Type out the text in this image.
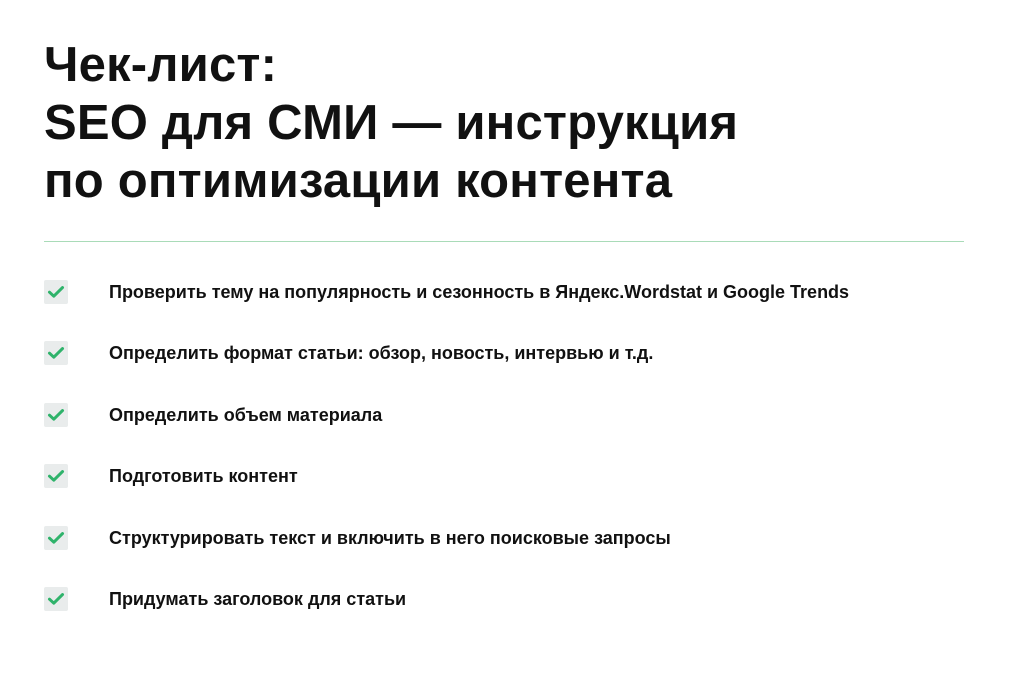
Чек-лист:
SEO для СМИ — инструкция
по оптимизации контента
Проверить тему на популярность и сезонность в Яндекс.Wordstat и Google Trends
Определить формат статьи: обзор, новость, интервью и т.д.
Определить объем материала
Подготовить контент
Структурировать текст и включить в него поисковые запросы
Придумать заголовок для статьи
